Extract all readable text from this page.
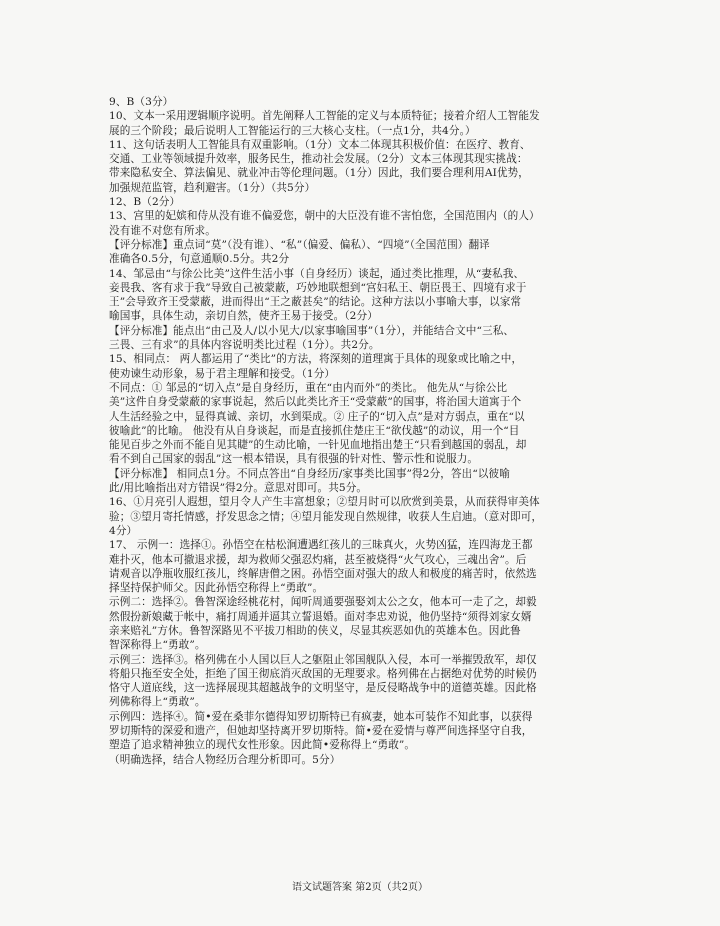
9、B（3分）
10、文本一采用逻辑顺序说明。首先阐释人工智能的定义与本质特征；接着介绍人工智能发
展的三个阶段；最后说明人工智能运行的三大核心支柱。（一点1分，共4分。）
11、这句话表明人工智能具有双重影响。（1分）文本二体现其积极价值：在医疗、教育、
交通、工业等领域提升效率，服务民生，推动社会发展。（2分）文本三体现其现实挑战：
带来隐私安全、算法偏见、就业冲击等伦理问题。（1分）因此，我们要合理利用AI优势，
加强规范监管，趋利避害。（1分）（共5分）
12、B（2分）
13、宫里的妃嫔和侍从没有谁不偏爱您，朝中的大臣没有谁不害怕您，全国范围内（的人）
没有谁不对您有所求。
【评分标准】重点词“莫”（没有谁）、“私”（偏爱、偏私）、“四境”（全国范围）翻译
准确各0.5分，句意通顺0.5分。共2分
14、邹忌由“与徐公比美”这件生活小事（自身经历）谈起，通过类比推理，从“妻私我、
妾畏我、客有求于我”导致自己被蒙蔽，巧妙地联想到“宫妇私王、朝臣畏王、四境有求于
王”会导致齐王受蒙蔽，进而得出“王之蔽甚矣”的结论。这种方法以小事喻大事，以家常
喻国事，具体生动，亲切自然，使齐王易于接受。（2分）
【评分标准】能点出“由己及人/以小见大/以家事喻国事”（1分），并能结合文中“三私、
三畏、三有求”的具体内容说明类比过程（1分）。共2分。
15、相同点： 两人都运用了“类比”的方法，将深刻的道理寓于具体的现象或比喻之中，
使劝谏生动形象，易于君主理解和接受。（1分）
不同点：① 邹忌的“切入点”是自身经历，重在“由内而外”的类比。 他先从“与徐公比
美”这件自身受蒙蔽的家事说起，然后以此类比齐王“受蒙蔽”的国事，将治国大道寓于个
人生活经验之中，显得真诚、亲切，水到渠成。② 庄子的“切入点”是对方弱点，重在“以
彼喻此”的比喻。 他没有从自身谈起，而是直接抓住楚庄王“欲伐越”的动议，用一个“目
能见百步之外而不能自见其睫”的生动比喻，一针见血地指出楚王“只看到越国的弱乱，却
看不到自己国家的弱乱”这一根本错误，具有很强的针对性、警示性和说服力。
【评分标准】 相同点1分。不同点答出“自身经历/家事类比国事”得2分，答出“以彼喻
此/用比喻指出对方错误”得2分。意思对即可。共5分。
16、①月亮引人遐想，望月令人产生丰富想象；②望月时可以欣赏到美景，从而获得审美体
验；③望月寄托情感，抒发思念之情；④望月能发现自然规律，收获人生启迪。（意对即可，
4分）
17、 示例一：选择①。孙悟空在枯松涧遭遇红孩儿的三昧真火，火势凶猛，连四海龙王都
难扑灭，他本可撤退求援，却为救师父强忍灼痛，甚至被烧得“火气攻心，三魂出舍”。后
请观音以净瓶收服红孩儿，终解唐僧之困。孙悟空面对强大的敌人和极度的痛苦时，依然选
择坚持保护师父。因此孙悟空称得上“勇敢”。
示例二：选择②。鲁智深途经桃花村，闻听周通要强娶刘太公之女，他本可一走了之，却毅
然假扮新娘藏于帐中，痛打周通并逼其立誓退婚。面对李忠劝说，他仍坚持“须得刘家女婿
亲来赔礼”方休。鲁智深路见不平拔刀相助的侠义，尽显其疾恶如仇的英雄本色。因此鲁
智深称得上“勇敢”。
示例三：选择③。格列佛在小人国以巨人之躯阻止邻国舰队入侵，本可一举摧毁敌军，却仅
将船只拖至安全处，拒绝了国王彻底消灭敌国的无理要求。格列佛在占据绝对优势的时候仍
恪守人道底线，这一选择展现其超越战争的文明坚守，是反侵略战争中的道德英雄。因此格
列佛称得上“勇敢”。
示例四：选择④。简•爱在桑菲尔德得知罗切斯特已有疯妻，她本可装作不知此事，以获得
罗切斯特的深爱和遗产，但她却坚持离开罗切斯特。简•爱在爱情与尊严间选择坚守自我，
塑造了追求精神独立的现代女性形象。因此简•爱称得上“勇敢”。
（明确选择，结合人物经历合理分析即可。5分）
语文试题答案 第2页（共2页）
